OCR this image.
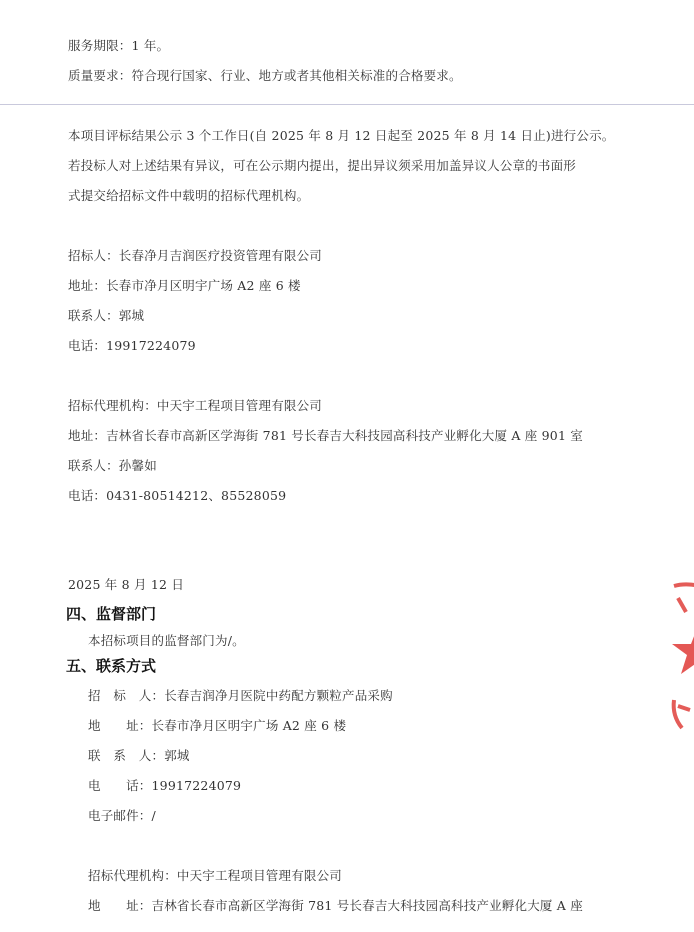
服务期限：1 年。
质量要求：符合现行国家、行业、地方或者其他相关标准的合格要求。
本项目评标结果公示 3 个工作日(自 2025 年 8 月 12 日起至 2025 年 8 月 14 日止)进行公示。
若投标人对上述结果有异议，可在公示期内提出，提出异议须采用加盖异议人公章的书面形
式提交给招标文件中载明的招标代理机构。
招标人：长春净月吉润医疗投资管理有限公司
地址：长春市净月区明宇广场 A2 座 6 楼
联系人：郭城
电话：19917224079
招标代理机构：中天宇工程项目管理有限公司
地址：吉林省长春市高新区学海街 781 号长春吉大科技园高科技产业孵化大厦 A 座 901 室
联系人：孙馨如
电话：0431-80514212、85528059
2025 年 8 月 12 日
四、监督部门
本招标项目的监督部门为/。
五、联系方式
招　标　人：长春吉润净月医院中药配方颗粒产品采购
地　　址：长春市净月区明宇广场 A2 座 6 楼
联　系　人：郭城
电　　话：19917224079
电子邮件：/
招标代理机构：中天宇工程项目管理有限公司
地　　址：吉林省长春市高新区学海街 781 号长春吉大科技园高科技产业孵化大厦 A 座
